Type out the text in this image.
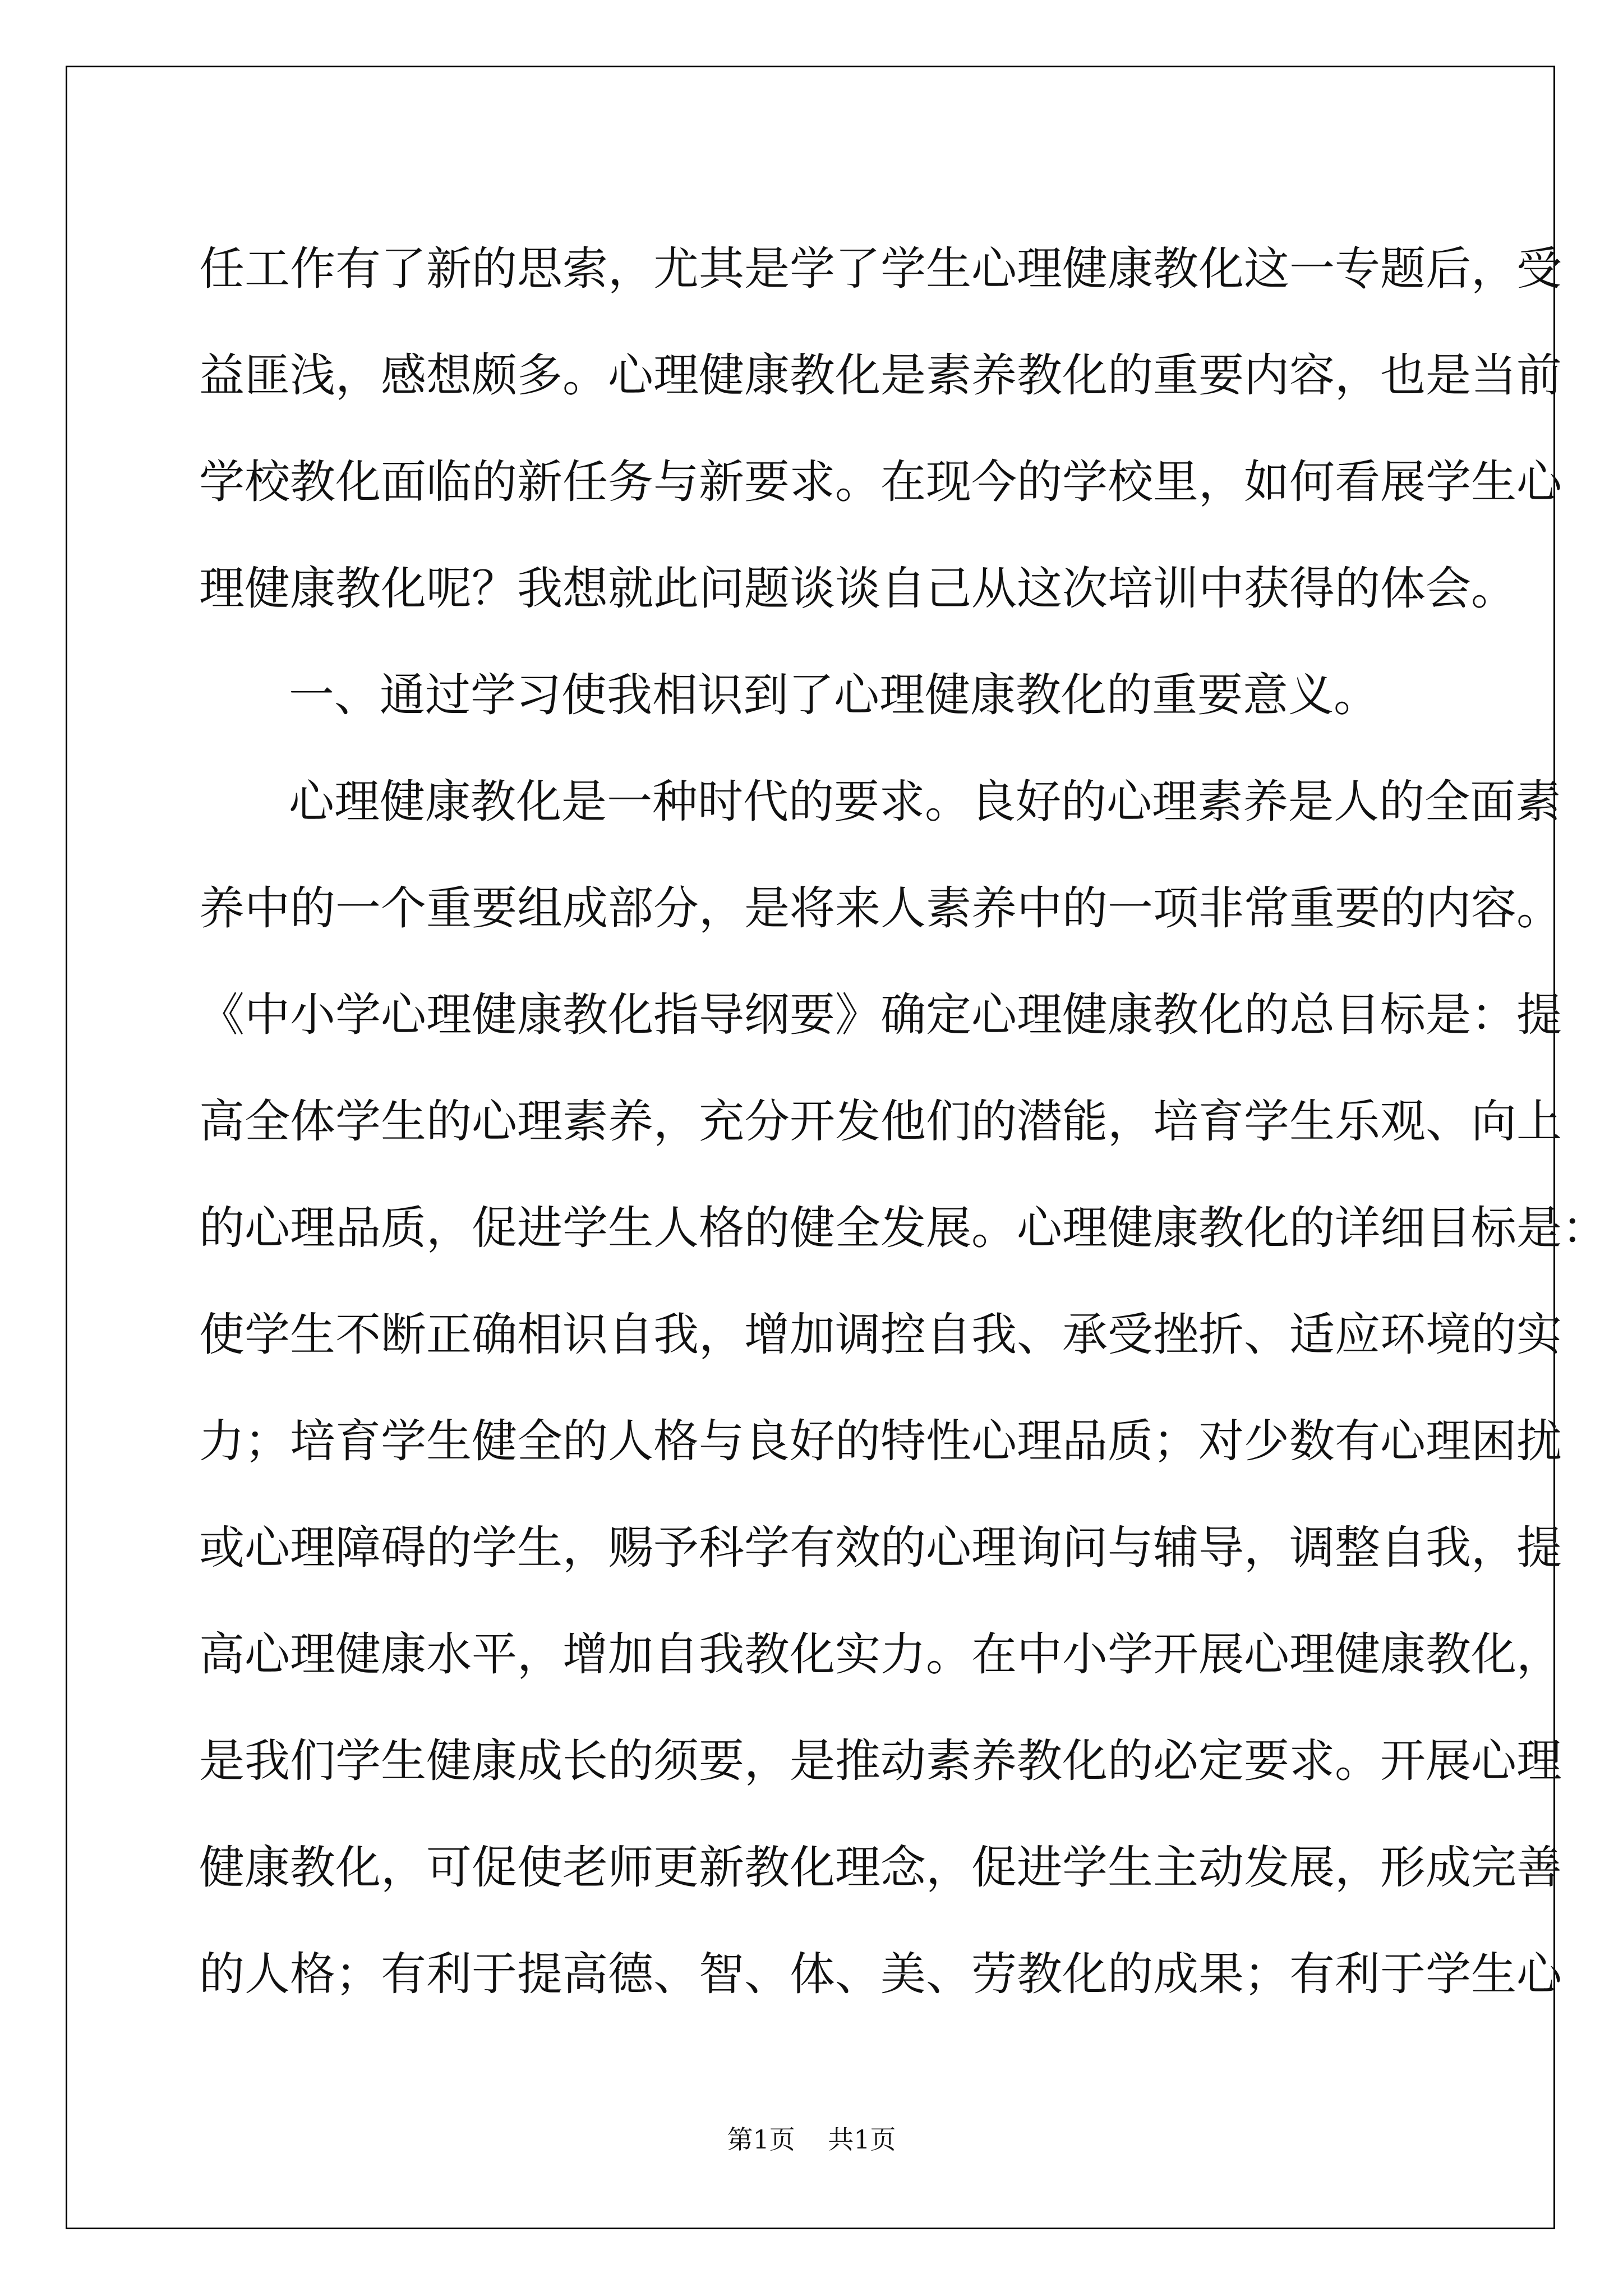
任工作有了新的思索，尤其是学了学生心理健康教化这一专题后，受
益匪浅，感想颇多。心理健康教化是素养教化的重要内容，也是当前
学校教化面临的新任务与新要求。在现今的学校里，如何看展学生心
理健康教化呢？我想就此问题谈谈自己从这次培训中获得的体会。
一、通过学习使我相识到了心理健康教化的重要意义。
心理健康教化是一种时代的要求。良好的心理素养是人的全面素
养中的一个重要组成部分，是将来人素养中的一项非常重要的内容。
《中小学心理健康教化指导纲要》确定心理健康教化的总目标是：提
高全体学生的心理素养，充分开发他们的潜能，培育学生乐观、向上
的心理品质，促进学生人格的健全发展。心理健康教化的详细目标是：
使学生不断正确相识自我，增加调控自我、承受挫折、适应环境的实
力；培育学生健全的人格与良好的特性心理品质；对少数有心理困扰
或心理障碍的学生，赐予科学有效的心理询问与辅导，调整自我，提
高心理健康水平，增加自我教化实力。在中小学开展心理健康教化，
是我们学生健康成长的须要，是推动素养教化的必定要求。开展心理
健康教化，可促使老师更新教化理念，促进学生主动发展，形成完善
的人格；有利于提高德、智、体、美、劳教化的成果；有利于学生心
第1页    共1页
